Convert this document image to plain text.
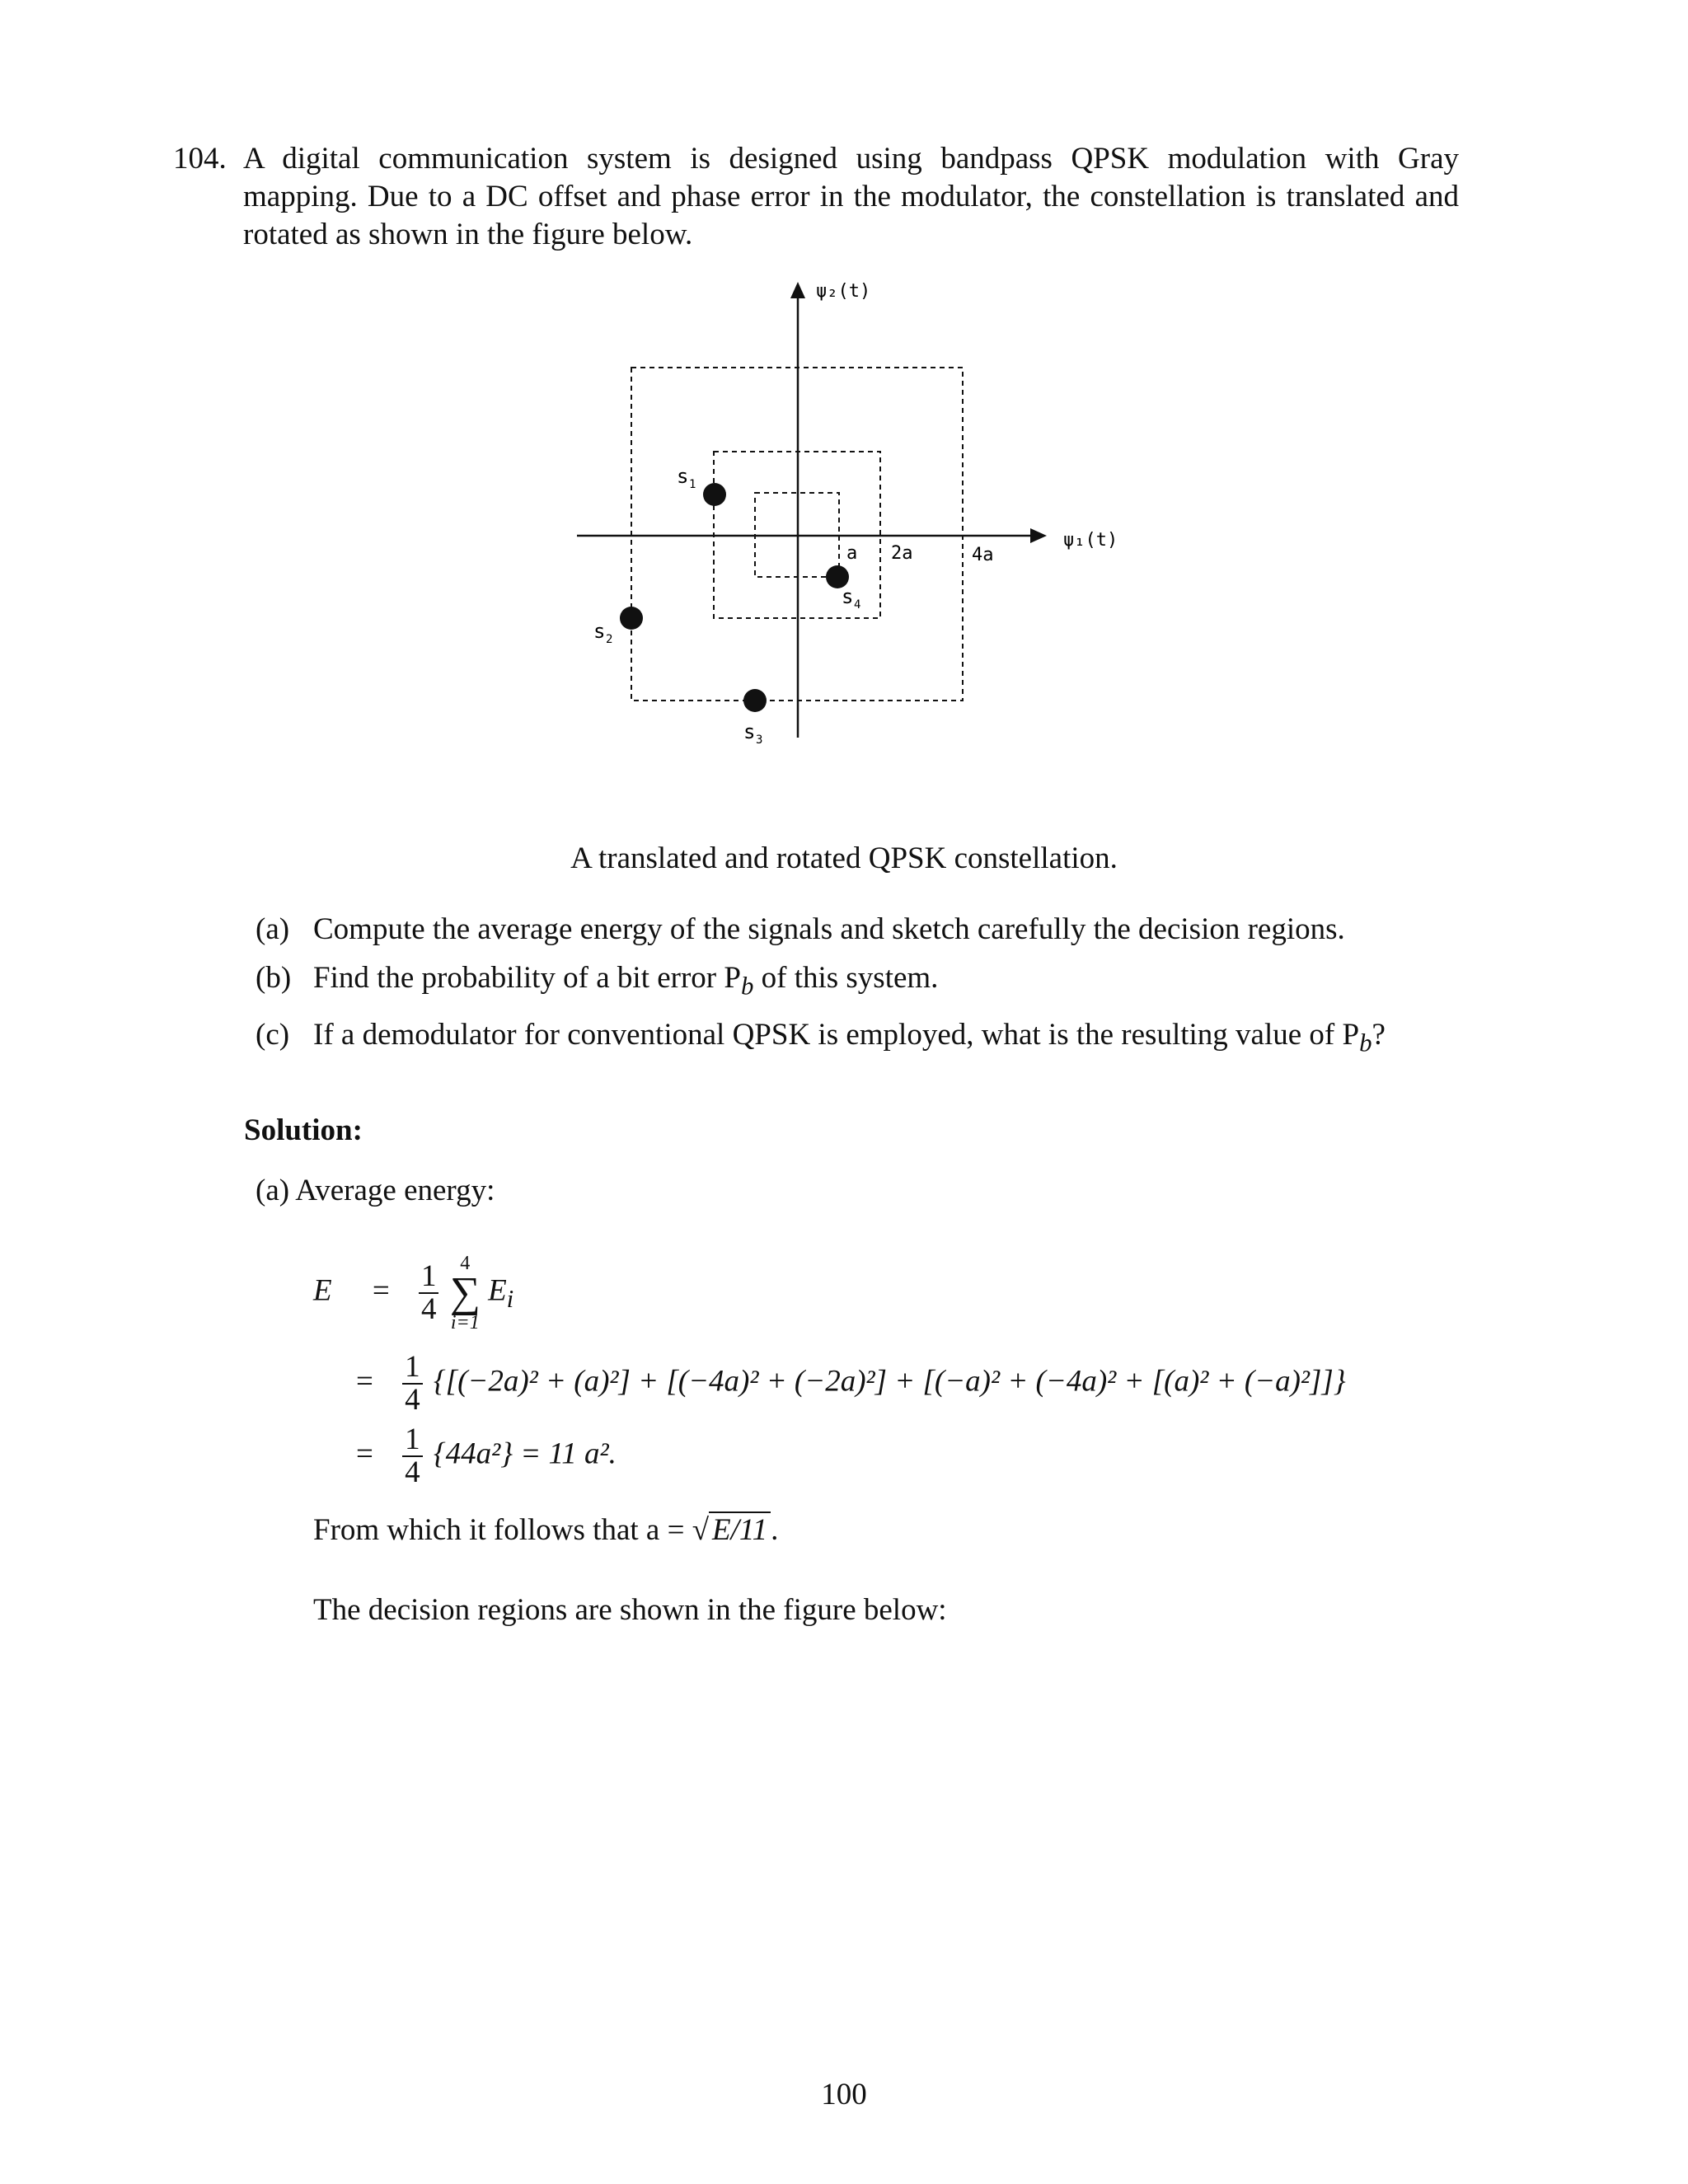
104. A digital communication system is designed using bandpass QPSK modulation with Gray mapping. Due to a DC offset and phase error in the modulator, the constellation is translated and rotated as shown in the figure below.
ψ₂(t)
ψ₁(t)
a 2a	4a
s 1
s 2
s 3
s 4
A translated and rotated QPSK constellation.
(a) Compute the average energy of the signals and sketch carefully the decision regions.
(b) Find the probability of a bit error $P_b$ of this system.
(c) If a demodulator for conventional QPSK is employed, what is the resulting value of $P_b$?
Solution:
(a) Average energy:
$E = \frac{1}{4}$
	4
∑
i=1
$E_i$
= $\frac{1}{4} \{[(-2a)^2 + (a)^2] + [(-4a)^2 + (-2a)^2] + [(-a)^2 + (-4a)^2 + [(a)^2 + (-a)^2]]\}$
= $\frac{1}{4} \{44a^2\} = 11$ a².
From which it follows that a = √ E/11 .
The decision regions are shown in the figure below:
100
